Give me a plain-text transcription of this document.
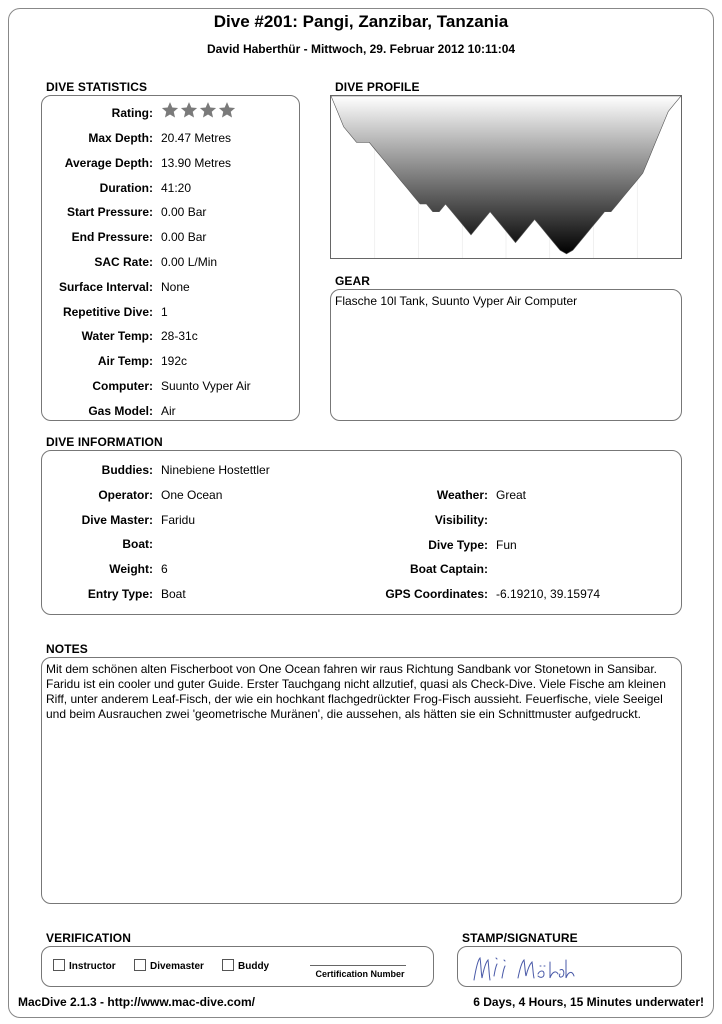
Dive #201: Pangi, Zanzibar, Tanzania
David Haberthür - Mittwoch, 29. Februar 2012 10:11:04
DIVE STATISTICS
Rating:
Max Depth: 20.47 Metres
Average Depth: 13.90 Metres
Duration: 41:20
Start Pressure: 0.00 Bar
End Pressure: 0.00 Bar
SAC Rate: 0.00 L/Min
Surface Interval: None
Repetitive Dive: 1
Water Temp: 28-31c
Air Temp: 192c
Computer: Suunto Vyper Air
Gas Model: Air
DIVE PROFILE
GEAR
Flasche 10l Tank, Suunto Vyper Air Computer
DIVE INFORMATION
Buddies: Ninebiene Hostettler
Operator: One Ocean
Dive Master: Faridu
Boat:
Weight: 6
Entry Type: Boat
Weather: Great
Visibility:
Dive Type: Fun
Boat Captain:
GPS Coordinates: -6.19210, 39.15974
NOTES
Mit dem schönen alten Fischerboot von One Ocean fahren wir raus Richtung Sandbank vor Stonetown in Sansibar. Faridu ist ein cooler und guter Guide. Erster Tauchgang nicht allzutief, quasi als Check-Dive. Viele Fische am kleinen Riff, unter anderem Leaf-Fisch, der wie ein hochkant flachgedrückter Frog-Fisch aussieht. Feuerfische, viele Seeigel und beim Ausrauchen zwei 'geometrische Muränen', die aussehen, als hätten sie ein Schnittmuster aufgedruckt.
VERIFICATION
Instructor	Divemaster	Buddy
Certification Number
STAMP/SIGNATURE
MacDive 2.1.3 - http://www.mac-dive.com/	6 Days, 4 Hours, 15 Minutes underwater!
